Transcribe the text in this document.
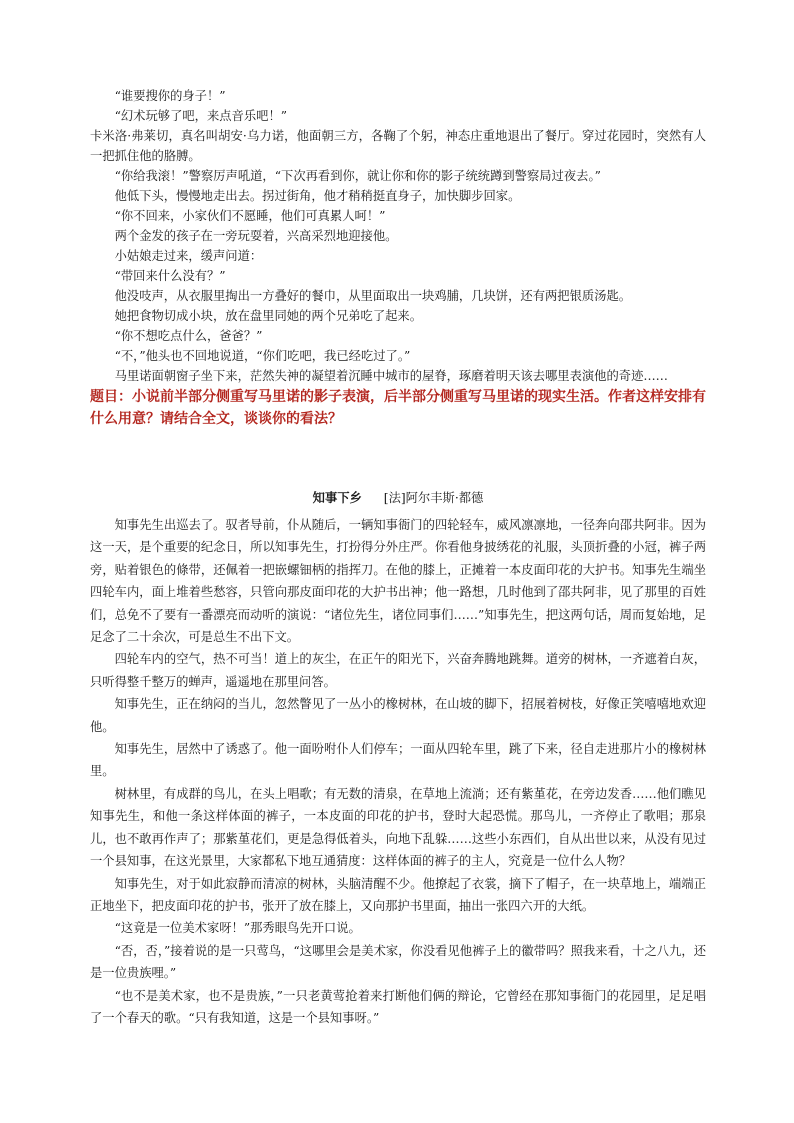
“谁要搜你的身子！”

“幻术玩够了吧，来点音乐吧！”

卡米洛·弗莱切，真名叫胡安·乌力诺，他面朝三方，各鞠了个躬，神态庄重地退出了餐厅。穿过花园时，突然有人一把抓住他的胳膊。

“你给我滚！”警察厉声吼道，“下次再看到你，就让你和你的影子统统蹲到警察局过夜去。”

他低下头，慢慢地走出去。拐过街角，他才稍稍挺直身子，加快脚步回家。

“你不回来，小家伙们不愿睡，他们可真累人呵！”

两个金发的孩子在一旁玩耍着，兴高采烈地迎接他。

小姑娘走过来，缓声问道：

“带回来什么没有？”

他没吱声，从衣服里掏出一方叠好的餐巾，从里面取出一块鸡脯，几块饼，还有两把银质汤匙。

她把食物切成小块，放在盘里同她的两个兄弟吃了起来。

“你不想吃点什么，爸爸？”

“不，”他头也不回地说道，“你们吃吧，我已经吃过了。”

马里诺面朝窗子坐下来，茫然失神的凝望着沉睡中城市的屋脊，琢磨着明天该去哪里表演他的奇迹……

题目：小说前半部分侧重写马里诺的影子表演，后半部分侧重写马里诺的现实生活。作者这样安排有什么用意？请结合全文，谈谈你的看法？

知事下乡 [法]阿尔丰斯·都德

知事先生出巡去了。驭者导前，仆从随后，一辆知事衙门的四轮轻车，威风凛凛地，一径奔向邵共阿非。因为这一天，是个重要的纪念日，所以知事先生，打扮得分外庄严。你看他身披绣花的礼服，头顶折叠的小冠，裤子两旁，贴着银色的條带，还佩着一把嵌螺钿柄的指挥刀。在他的膝上，正摊着一本皮面印花的大护书。知事先生端坐四轮车内，面上堆着些愁容，只管向那皮面印花的大护书出神；他一路想，几时他到了邵共阿非，见了那里的百姓们，总免不了要有一番漂亮而动听的演说：“诸位先生，诸位同事们……”知事先生，把这两句话，周而复始地，足足念了二十余次，可是总生不出下文。

四轮车内的空气，热不可当！道上的灰尘，在正午的阳光下，兴奋奔腾地跳舞。道旁的树林，一齐遮着白灰，只听得整千整万的蝉声，遥遥地在那里问答。

知事先生，正在纳闷的当儿，忽然瞥见了一丛小的橡树林，在山坡的脚下，招展着树枝，好像正笑嘻嘻地欢迎他。

知事先生，居然中了诱惑了。他一面吩咐仆人们停车；一面从四轮车里，跳了下来，径自走进那片小的橡树林里。

树林里，有成群的鸟儿，在头上唱歌；有无数的清泉，在草地上流淌；还有紫堇花，在旁边发香……他们瞧见知事先生，和他一条这样体面的裤子，一本皮面的印花的护书，登时大起恐慌。那鸟儿，一齐停止了歌唱；那泉儿，也不敢再作声了；那紫堇花们，更是急得低着头，向地下乱躲……这些小东西们，自从出世以来，从没有见过一个县知事，在这光景里，大家都私下地互通猜度：这样体面的裤子的主人，究竟是一位什么人物？

知事先生，对于如此寂静而清凉的树林，头脑清醒不少。他撩起了衣裳，摘下了帽子，在一块草地上，端端正正地坐下，把皮面印花的护书，张开了放在膝上，又向那护书里面，抽出一张四六开的大纸。

“这竟是一位美术家呀！”那秀眼鸟先开口说。

“否，否，”接着说的是一只莺鸟，“这哪里会是美术家，你没看见他裤子上的徽带吗？照我来看，十之八九，还是一位贵族哩。”

“也不是美术家，也不是贵族，”一只老黄莺抢着来打断他们俩的辩论，它曾经在那知事衙门的花园里，足足唱了一个春天的歌。“只有我知道，这是一个县知事呀。”
